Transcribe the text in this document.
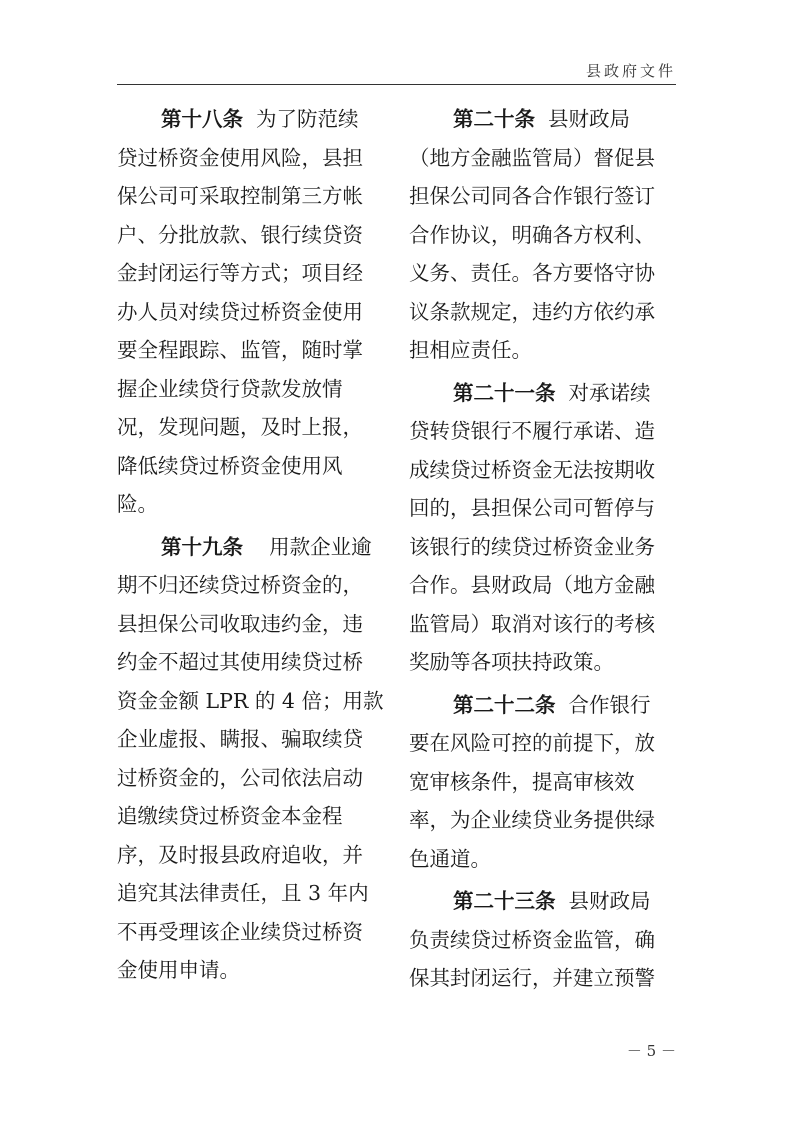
县政府文件
第十八条  为了防范续
贷过桥资金使用风险，县担
保公司可采取控制第三方帐
户、分批放款、银行续贷资
金封闭运行等方式；项目经
办人员对续贷过桥资金使用
要全程跟踪、监管，随时掌
握企业续贷行贷款发放情
况，发现问题，及时上报，
降低续贷过桥资金使用风
险。
第十九条    用款企业逾
期不归还续贷过桥资金的，
县担保公司收取违约金，违
约金不超过其使用续贷过桥
资金金额 LPR 的 4 倍；用款
企业虚报、瞒报、骗取续贷
过桥资金的，公司依法启动
追缴续贷过桥资金本金程
序，及时报县政府追收，并
追究其法律责任，且 3 年内
不再受理该企业续贷过桥资
金使用申请。
第二十条  县财政局
（地方金融监管局）督促县
担保公司同各合作银行签订
合作协议，明确各方权利、
义务、责任。各方要恪守协
议条款规定，违约方依约承
担相应责任。
第二十一条  对承诺续
贷转贷银行不履行承诺、造
成续贷过桥资金无法按期收
回的，县担保公司可暂停与
该银行的续贷过桥资金业务
合作。县财政局（地方金融
监管局）取消对该行的考核
奖励等各项扶持政策。
第二十二条  合作银行
要在风险可控的前提下，放
宽审核条件，提高审核效
率，为企业续贷业务提供绿
色通道。
第二十三条  县财政局
负责续贷过桥资金监管，确
保其封闭运行，并建立预警
－ 5 －
